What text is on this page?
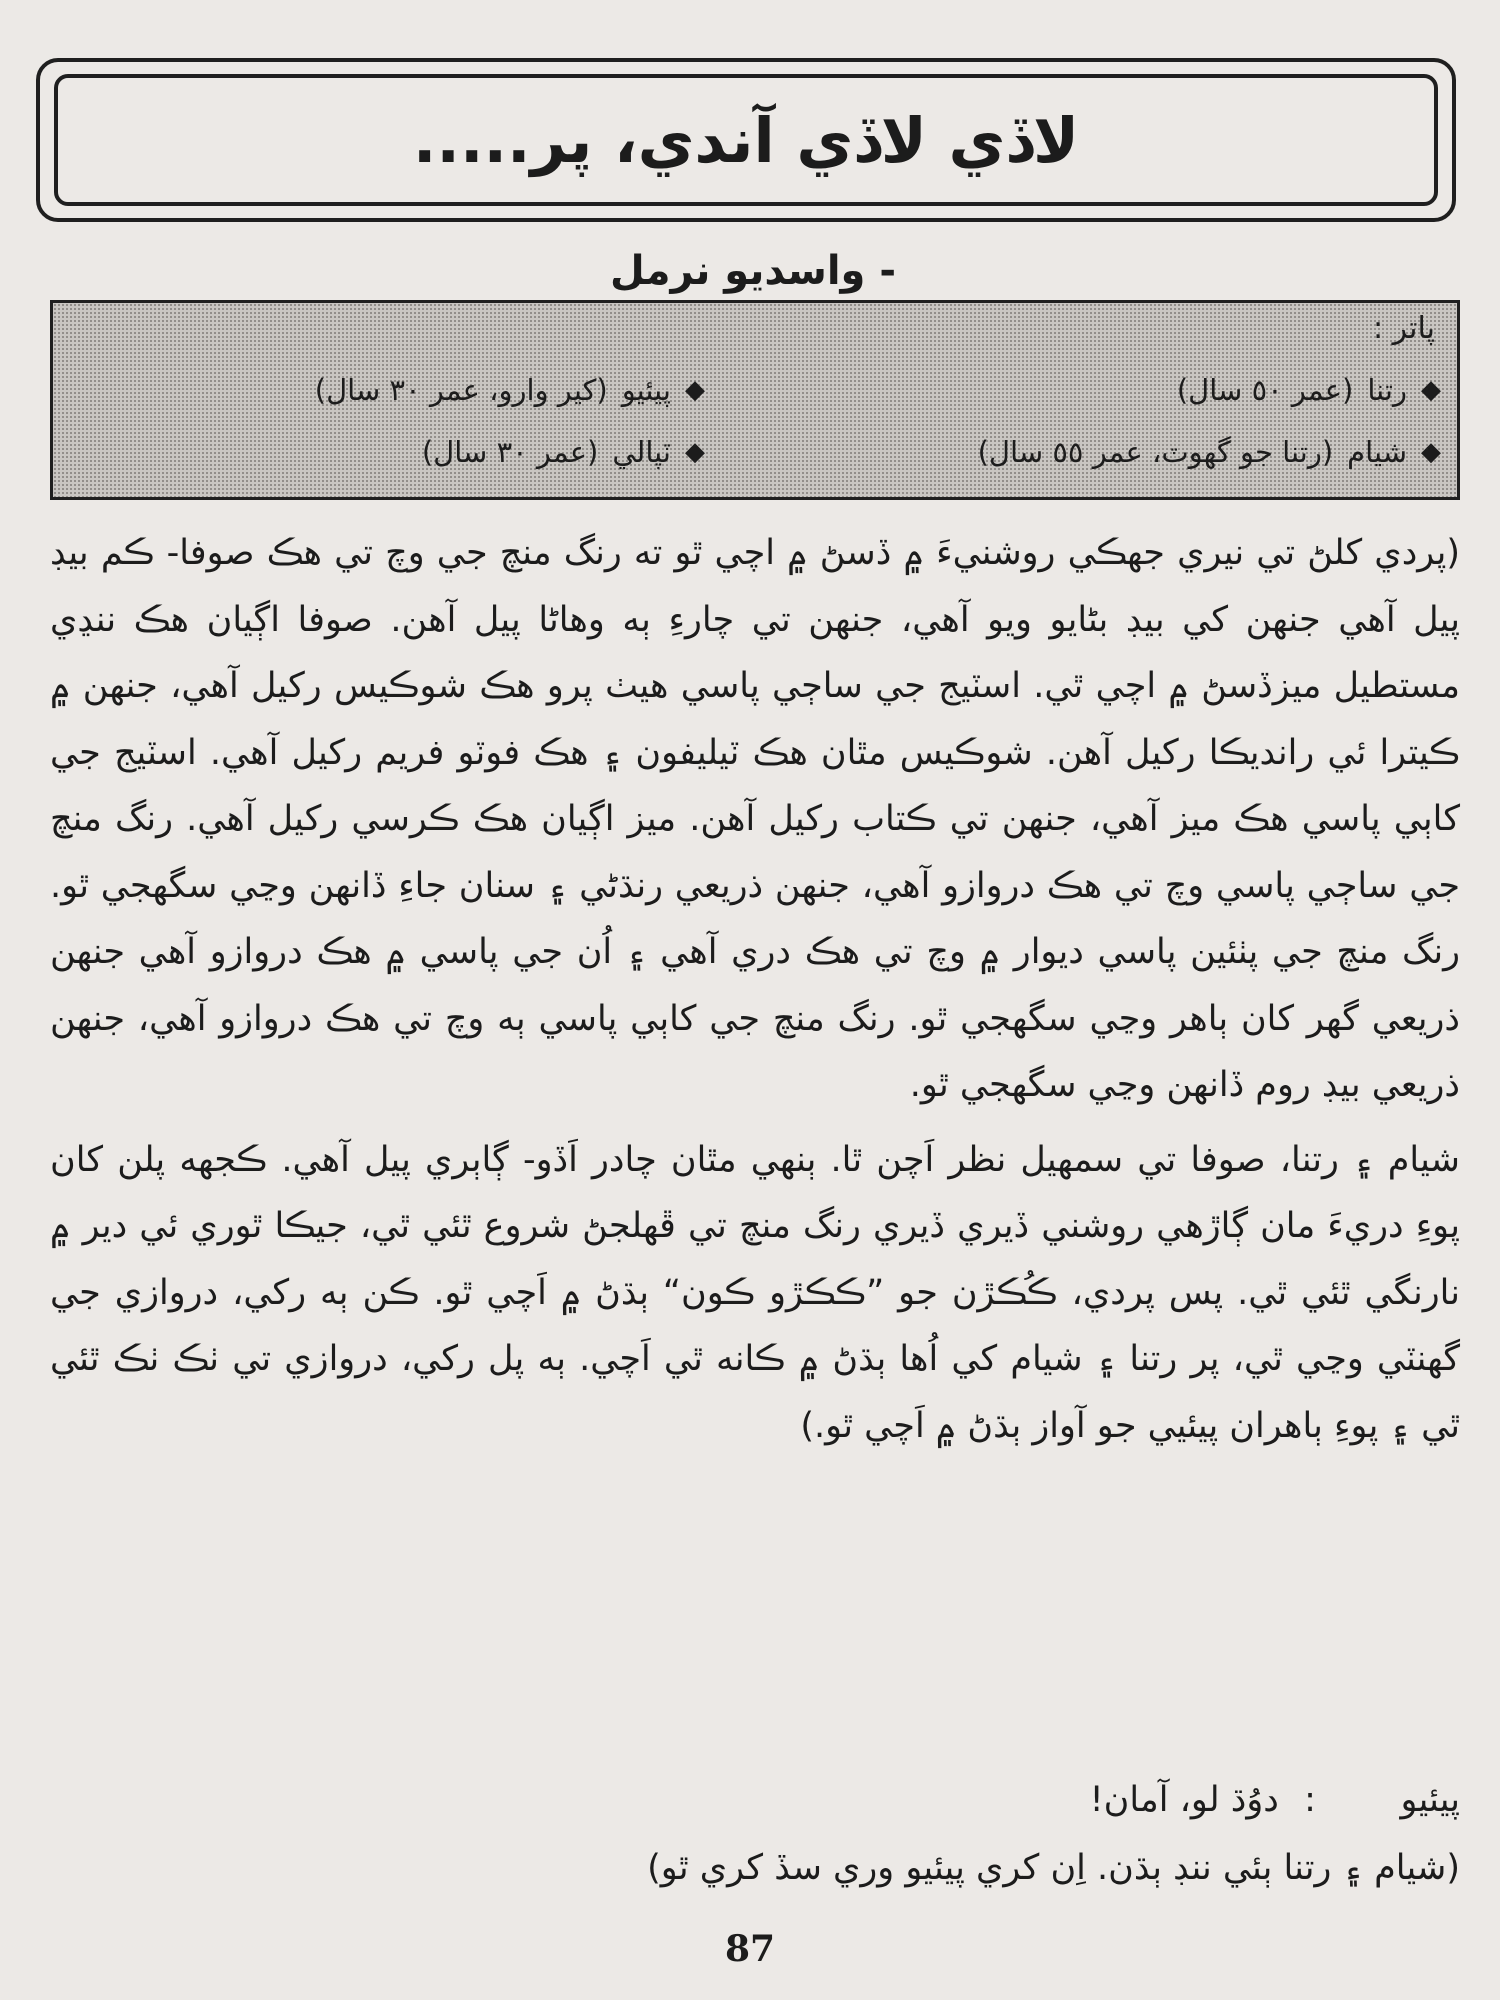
لاڏي لاڏي آندي، پر.....
- واسديو نرمل
پاتر :
◆
رتنا
(عمر ٥٠ سال)
◆
پيئيو
(کير وارو، عمر ٣٠ سال)
◆
شيام
(رتنا جو گهوٽ، عمر ٥٥ سال)
◆
ٽپالي
(عمر ٣٠ سال)

(پردي کلڻ تي نيري جهڪي روشنيءَ ۾ ڏسڻ ۾ اچي ٿو ته رنگ منچ جي وچ تي هڪ صوفا- ڪم بيڊ پيل آهي جنهن کي بيڊ بڻايو ويو آهي، جنهن تي چارءِ ٻه وهاڻا پيل آهن. صوفا اڳيان هڪ ننڍي مستطيل ميزڏسڻ ۾ اچي ٿي. اسٽيج جي ساڄي پاسي هيٺ پرو هڪ شوڪيس رکيل آهي، جنهن ۾ ڪيترا ئي رانديڪا رکيل آهن. شوڪيس مٿان هڪ ٽيليفون ۽ هڪ فوٽو فريم رکيل آهي. اسٽيج جي کاٻي پاسي هڪ ميز آهي، جنهن تي ڪتاب رکيل آهن. ميز اڳيان هڪ ڪرسي رکيل آهي. رنگ منچ جي ساڄي پاسي وچ تي هڪ دروازو آهي، جنهن ذريعي رنڌڻي ۽ سنان جاءِ ڏانهن وڃي سگهجي ٿو. رنگ منچ جي پٺئين پاسي ديوار ۾ وچ تي هڪ دري آهي ۽ اُن جي پاسي ۾ هڪ دروازو آهي جنهن ذريعي گهر کان ٻاهر وڃي سگهجي ٿو. رنگ منچ جي کاٻي پاسي ٻه وچ تي هڪ دروازو آهي، جنهن ذريعي بيڊ روم ڏانهن وڃي سگهجي ٿو.

شيام ۽ رتنا، صوفا تي سمهيل نظر اَچن ٿا. ٻنهي مٿان چادر اَڏو- ڳاٻري پيل آهي. ڪجهه پلن کان پوءِ دريءَ مان ڳاڙهي روشني ڏيري ڏيري رنگ منچ تي ڦهلجڻ شروع ٿئي ٿي، جيڪا ٿوري ئي دير ۾ نارنگي ٿئي ٿي. پس پردي، ڪُڪڙن جو ”ڪڪڙو ڪون“ ٻڌڻ ۾ اَچي ٿو. ڪن ٻه رکي، دروازي جي گهنٽي وڃي ٿي، پر رتنا ۽ شيام کي اُها ٻڌڻ ۾ ڪانه ٿي اَچي. ٻه پل رکي، دروازي تي ٺڪ ٺڪ ٿئي ٿي ۽ پوءِ ٻاهران پيئيي جو آواز ٻڌڻ ۾ اَچي ٿو.)

پيئيو: دوُڌ لو، آمان!
(شيام ۽ رتنا ٻئي ننڊ ٻڌن. اِن کري پيئيو وري سڏ کري ٿو)
87
